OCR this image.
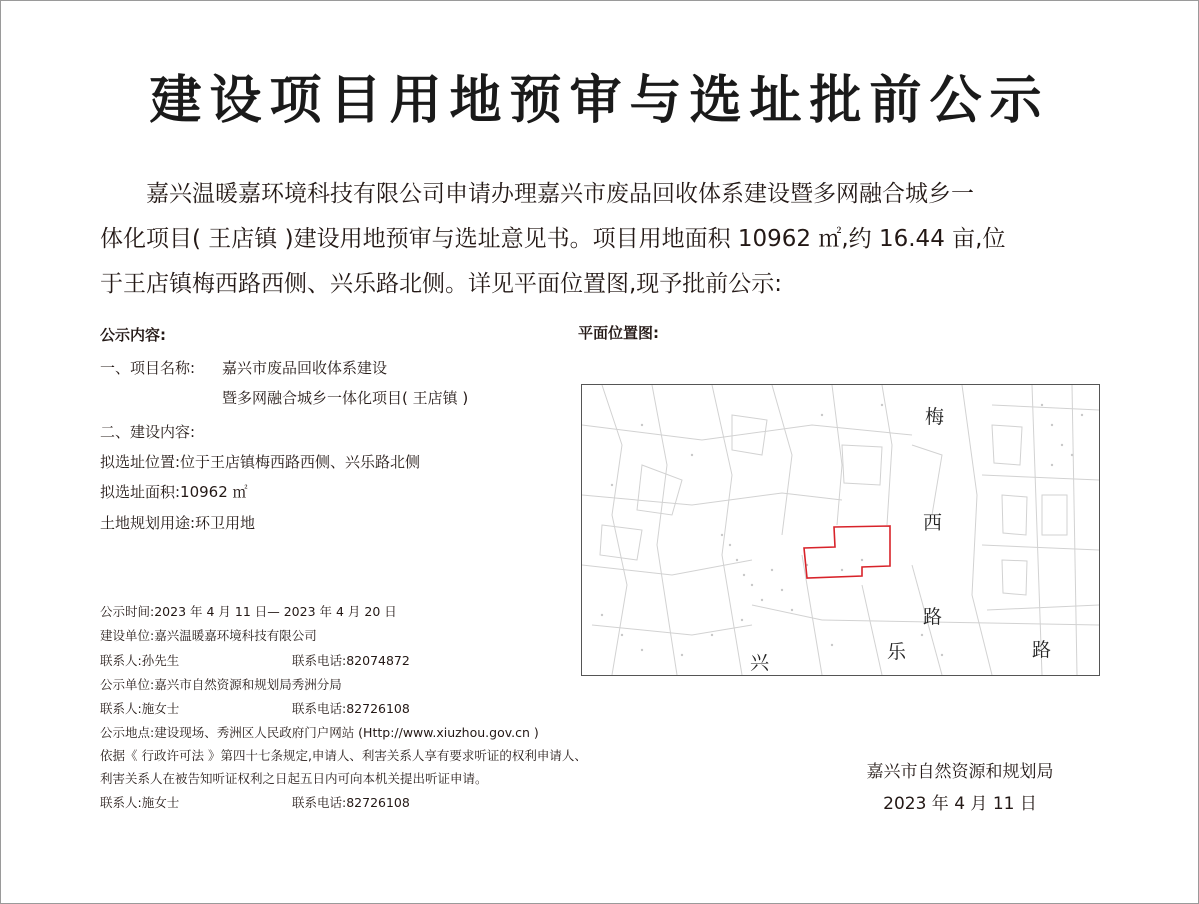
建设项目用地预审与选址批前公示
嘉兴温暖嘉环境科技有限公司申请办理嘉兴市废品回收体系建设暨多网融合城乡一
体化项目( 王店镇 )建设用地预审与选址意见书。项目用地面积 10962 ㎡,约 16.44 亩,位
于王店镇梅西路西侧、兴乐路北侧。详见平面位置图,现予批前公示:
公示内容:
一、项目名称: 嘉兴市废品回收体系建设
暨多网融合城乡一体化项目( 王店镇 )
二、建设内容:
拟选址位置:位于王店镇梅西路西侧、兴乐路北侧
拟选址面积:10962 ㎡
土地规划用途:环卫用地
公示时间:2023 年 4 月 11 日— 2023 年 4 月 20 日
建设单位:嘉兴温暖嘉环境科技有限公司
联系人:孙先生	联系电话:82074872
公示单位:嘉兴市自然资源和规划局秀洲分局
联系人:施女士	联系电话:82726108
公示地点:建设现场、秀洲区人民政府门户网站 (Http://www.xiuzhou.gov.cn )
依据《 行政许可法 》第四十七条规定,申请人、利害关系人享有要求听证的权利申请人、
利害关系人在被告知听证权利之日起五日内可向本机关提出听证申请。
联系人:施女士	联系电话:82726108
平面位置图:
梅
西
路
兴	乐	路
嘉兴市自然资源和规划局
2023 年 4 月 11 日
